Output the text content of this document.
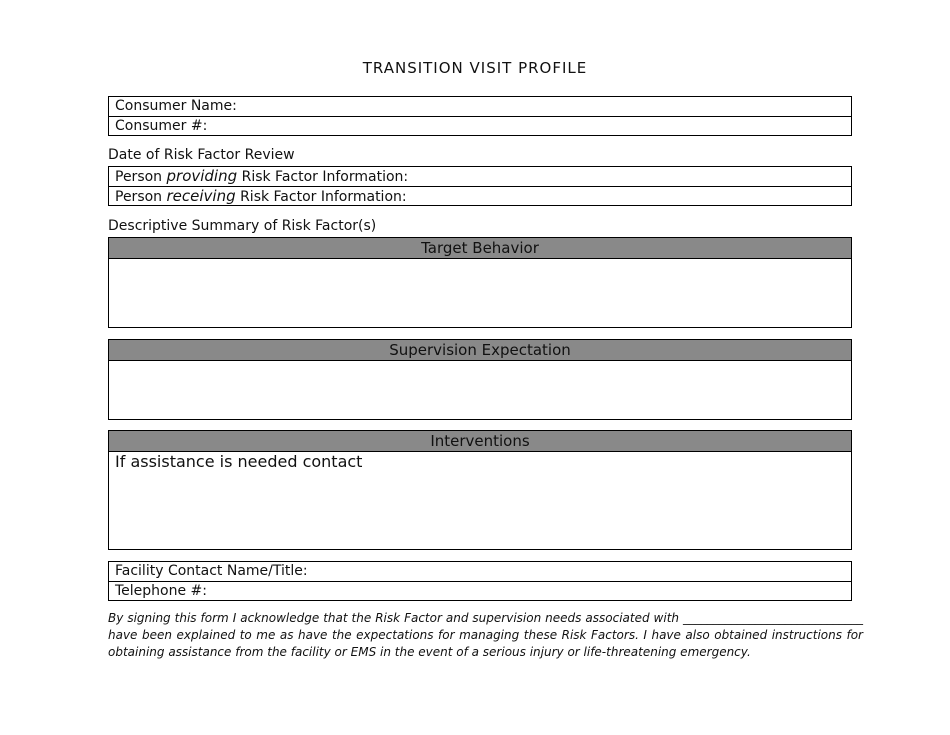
TRANSITION VISIT PROFILE
Consumer Name:
Consumer #:
Date of Risk Factor Review
Person providing Risk Factor Information:
Person receiving Risk Factor Information:
Descriptive Summary of Risk Factor(s)
Target Behavior
Supervision Expectation
Interventions
If assistance is needed contact
Facility Contact Name/Title:
Telephone #:
By signing this form I acknowledge that the Risk Factor and supervision needs associated with ______________________________ have been explained to me as have the expectations for managing these Risk Factors. I have also obtained instructions for obtaining assistance from the facility or EMS in the event of a serious injury or life-threatening emergency.
